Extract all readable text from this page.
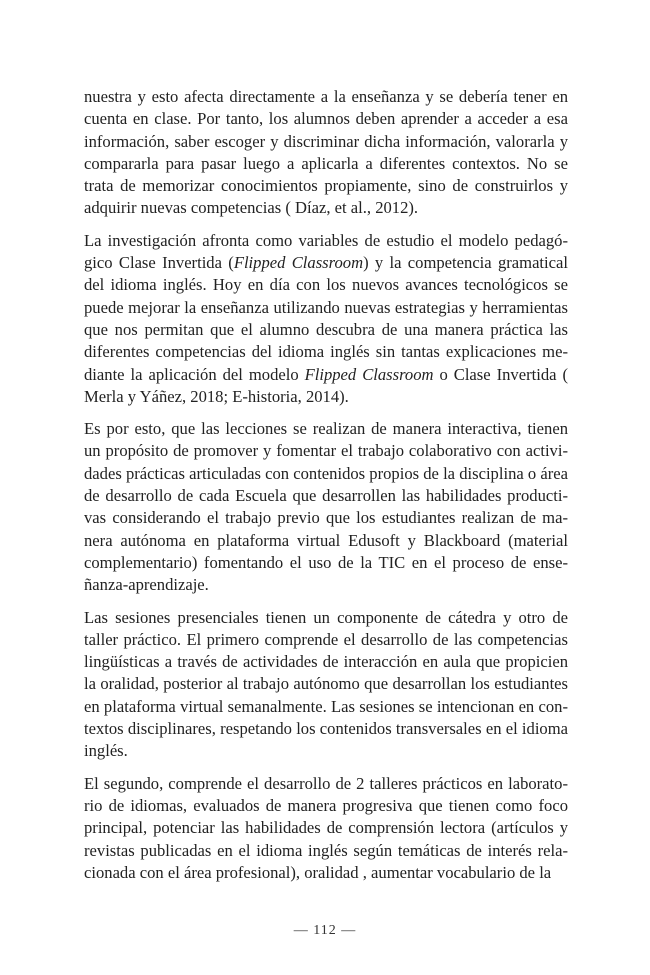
nuestra y esto afecta directamente a la enseñanza y se debería tener en cuenta en clase. Por tanto, los alumnos deben aprender a acceder a esa información, saber escoger y discriminar dicha información, valorarla y compararla para pasar luego a aplicarla a diferentes contextos. No se trata de memorizar conocimientos propiamente, sino de construirlos y adquirir nuevas competencias ( Díaz, et al., 2012).

La investigación afronta como variables de estudio el modelo pedagógico Clase Invertida (Flipped Classroom) y la competencia gramatical del idioma inglés. Hoy en día con los nuevos avances tecnológicos se puede mejorar la enseñanza utilizando nuevas estrategias y herramientas que nos permitan que el alumno descubra de una manera práctica las diferentes competencias del idioma inglés sin tantas explicaciones mediante la aplicación del modelo Flipped Classroom o Clase Invertida ( Merla y Yáñez, 2018; E-historia, 2014).

Es por esto, que las lecciones se realizan de manera interactiva, tienen un propósito de promover y fomentar el trabajo colaborativo con actividades prácticas articuladas con contenidos propios de la disciplina o área de desarrollo de cada Escuela que desarrollen las habilidades productivas considerando el trabajo previo que los estudiantes realizan de manera autónoma en plataforma virtual Edusoft y Blackboard (material complementario) fomentando el uso de la TIC en el proceso de enseñanza-aprendizaje.

Las sesiones presenciales tienen un componente de cátedra y otro de taller práctico. El primero comprende el desarrollo de las competencias lingüísticas a través de actividades de interacción en aula que propicien la oralidad, posterior al trabajo autónomo que desarrollan los estudiantes en plataforma virtual semanalmente. Las sesiones se intencionan en contextos disciplinares, respetando los contenidos transversales en el idioma inglés.

El segundo, comprende el desarrollo de 2 talleres prácticos en laboratorio de idiomas, evaluados de manera progresiva que tienen como foco principal, potenciar las habilidades de comprensión lectora (artículos y revistas publicadas en el idioma inglés según temáticas de interés relacionada con el área profesional), oralidad , aumentar vocabulario de la

— 112 —
